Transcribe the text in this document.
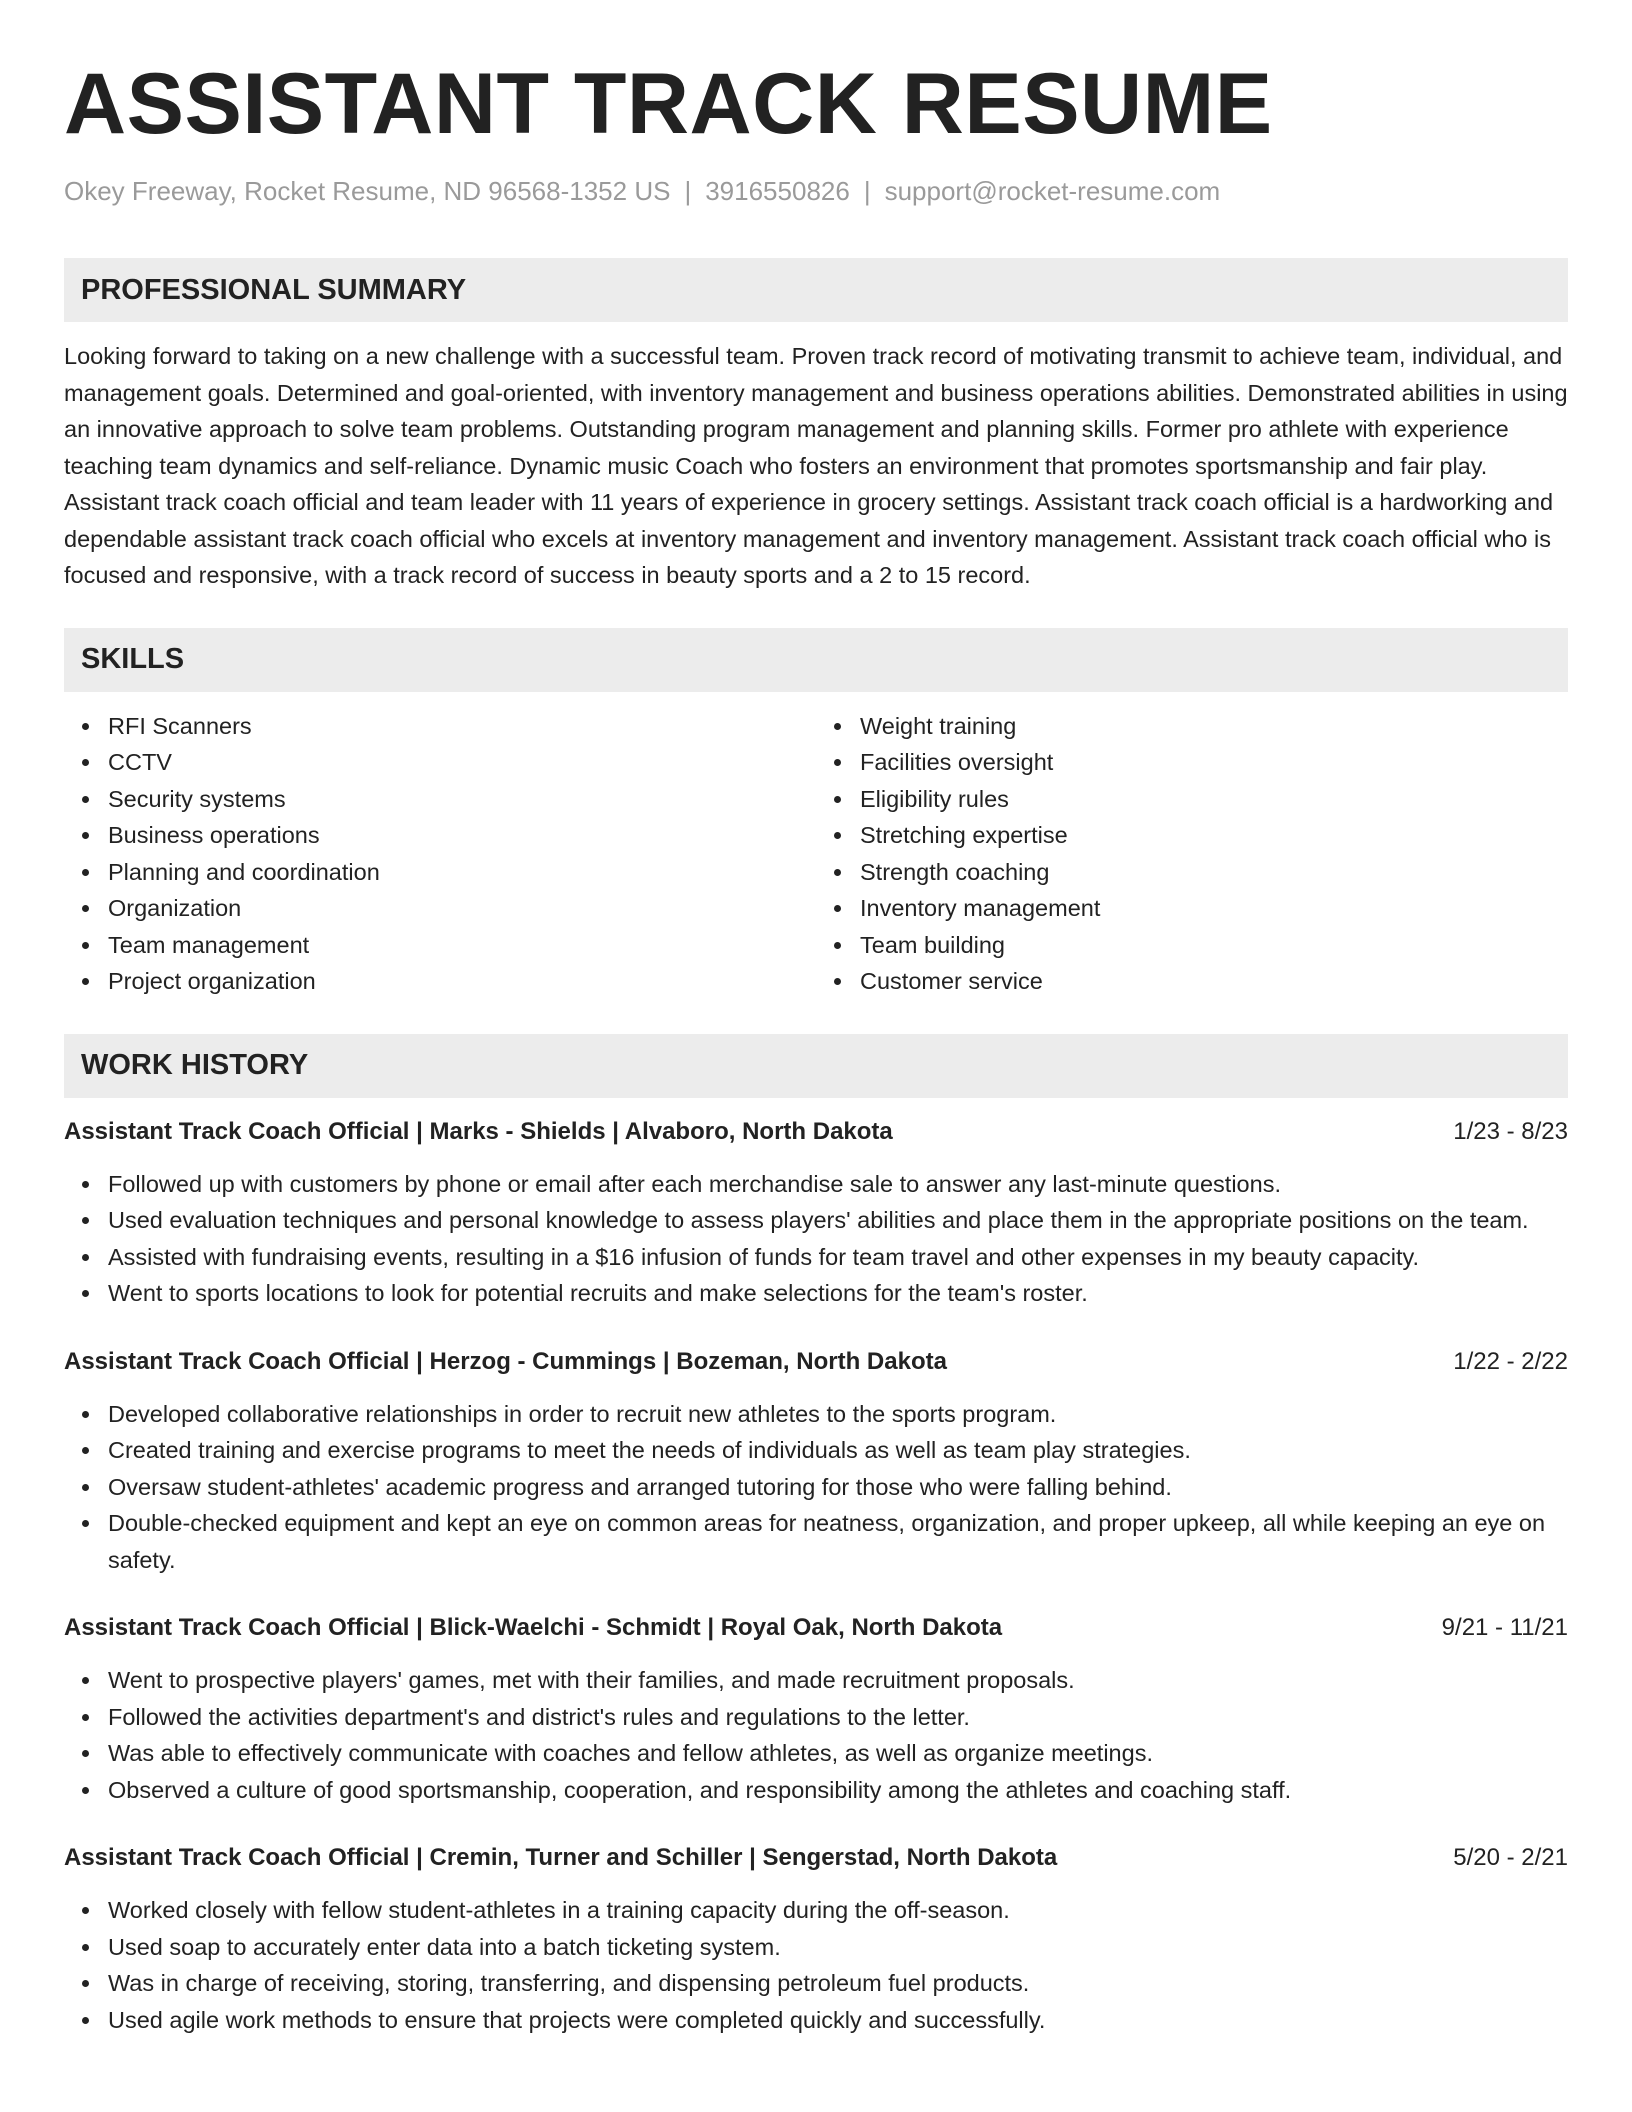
ASSISTANT TRACK RESUME
Okey Freeway, Rocket Resume, ND 96568-1352 US | 3916550826 | support@rocket-resume.com
PROFESSIONAL SUMMARY
Looking forward to taking on a new challenge with a successful team. Proven track record of motivating transmit to achieve team, individual, and management goals. Determined and goal-oriented, with inventory management and business operations abilities. Demonstrated abilities in using an innovative approach to solve team problems. Outstanding program management and planning skills. Former pro athlete with experience teaching team dynamics and self-reliance. Dynamic music Coach who fosters an environment that promotes sportsmanship and fair play. Assistant track coach official and team leader with 11 years of experience in grocery settings. Assistant track coach official is a hardworking and dependable assistant track coach official who excels at inventory management and inventory management. Assistant track coach official who is focused and responsive, with a track record of success in beauty sports and a 2 to 15 record.
SKILLS
RFI Scanners
CCTV
Security systems
Business operations
Planning and coordination
Organization
Team management
Project organization
Weight training
Facilities oversight
Eligibility rules
Stretching expertise
Strength coaching
Inventory management
Team building
Customer service
WORK HISTORY
Assistant Track Coach Official | Marks - Shields | Alvaboro, North Dakota	1/23 - 8/23
Followed up with customers by phone or email after each merchandise sale to answer any last-minute questions.
Used evaluation techniques and personal knowledge to assess players' abilities and place them in the appropriate positions on the team.
Assisted with fundraising events, resulting in a $16 infusion of funds for team travel and other expenses in my beauty capacity.
Went to sports locations to look for potential recruits and make selections for the team's roster.
Assistant Track Coach Official | Herzog - Cummings | Bozeman, North Dakota	1/22 - 2/22
Developed collaborative relationships in order to recruit new athletes to the sports program.
Created training and exercise programs to meet the needs of individuals as well as team play strategies.
Oversaw student-athletes' academic progress and arranged tutoring for those who were falling behind.
Double-checked equipment and kept an eye on common areas for neatness, organization, and proper upkeep, all while keeping an eye on safety.
Assistant Track Coach Official | Blick-Waelchi - Schmidt | Royal Oak, North Dakota	9/21 - 11/21
Went to prospective players' games, met with their families, and made recruitment proposals.
Followed the activities department's and district's rules and regulations to the letter.
Was able to effectively communicate with coaches and fellow athletes, as well as organize meetings.
Observed a culture of good sportsmanship, cooperation, and responsibility among the athletes and coaching staff.
Assistant Track Coach Official | Cremin, Turner and Schiller | Sengerstad, North Dakota	5/20 - 2/21
Worked closely with fellow student-athletes in a training capacity during the off-season.
Used soap to accurately enter data into a batch ticketing system.
Was in charge of receiving, storing, transferring, and dispensing petroleum fuel products.
Used agile work methods to ensure that projects were completed quickly and successfully.
